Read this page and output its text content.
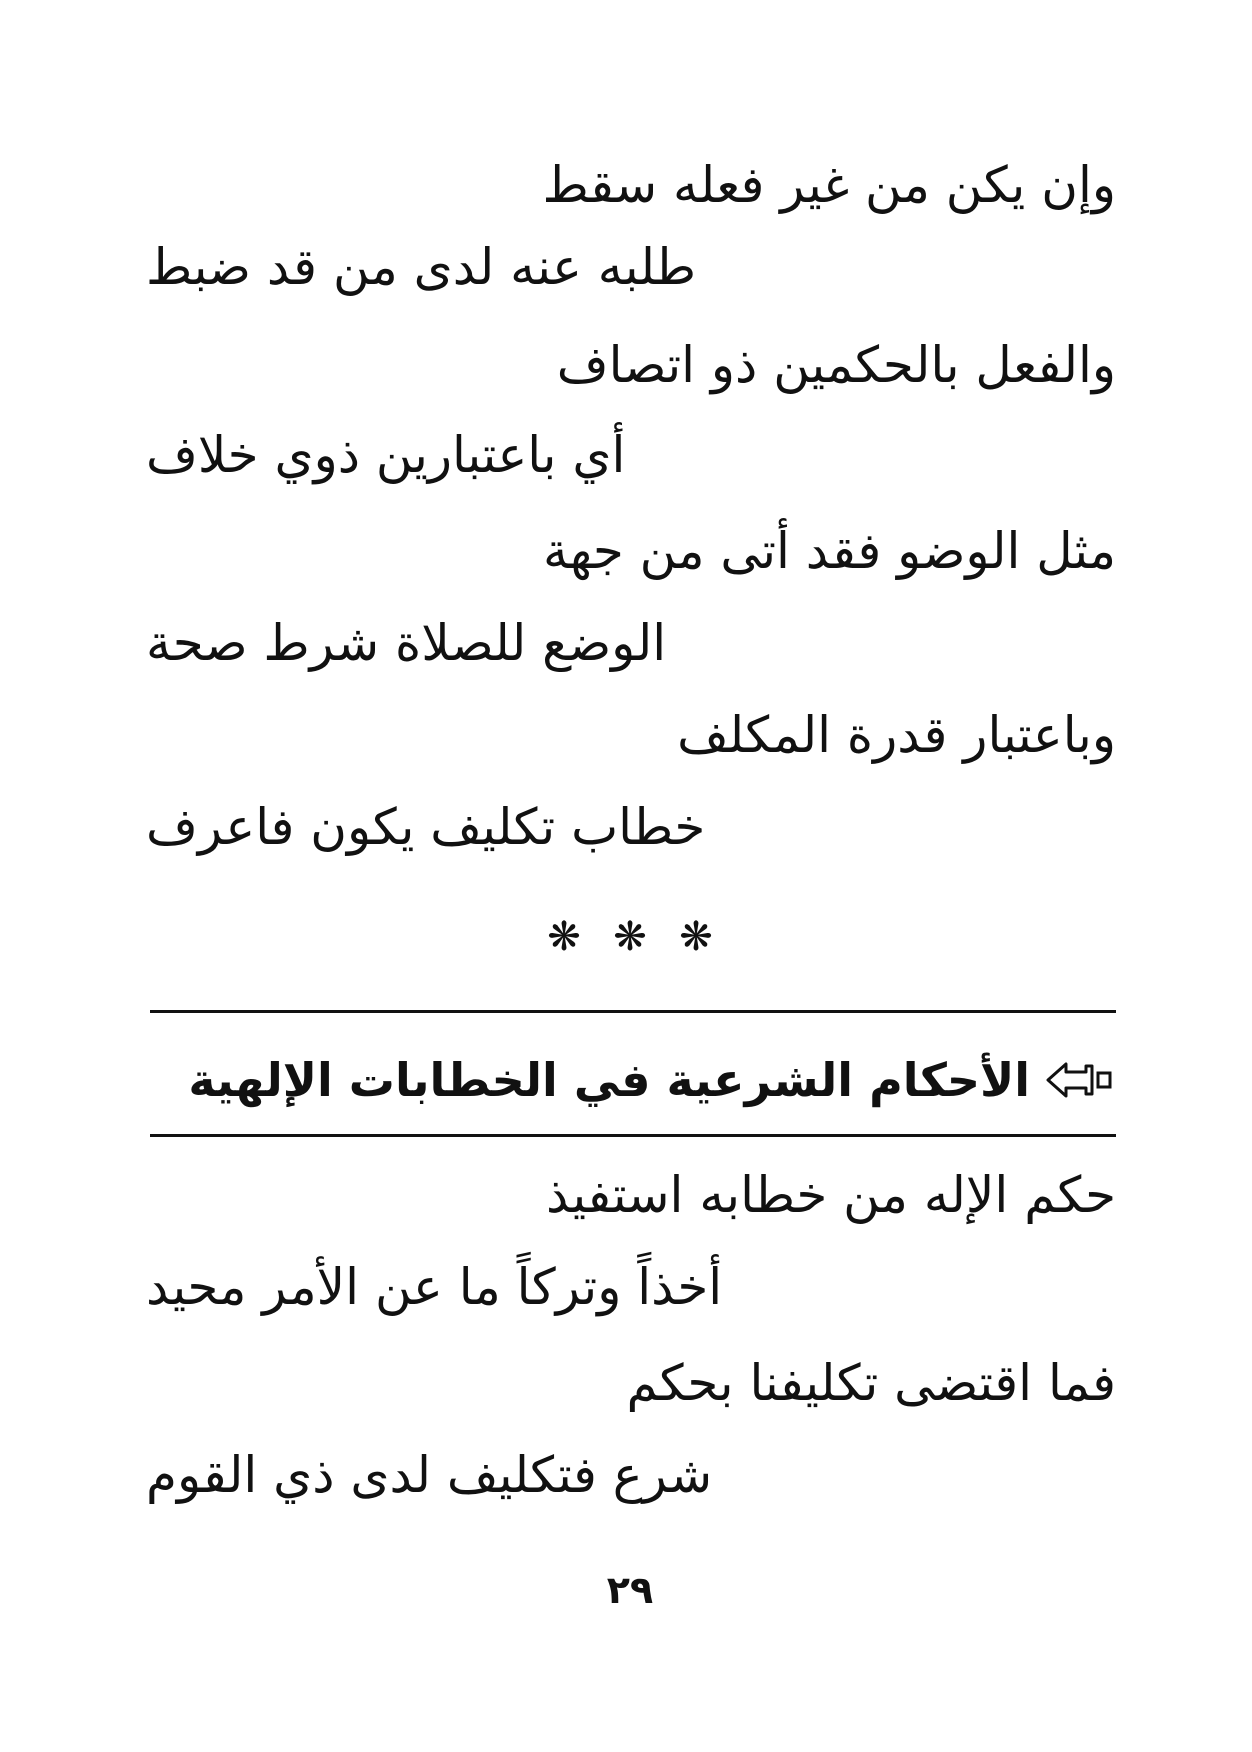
وإن يكن من غير فعله سقط
طلبه عنه لدى من قد ضبط
والفعل بالحكمين ذو اتصاف
أي باعتبارين ذوي خلاف
مثل الوضو فقد أتى من جهة
الوضع للصلاة شرط صحة
وباعتبار قدرة المكلف
خطاب تكليف يكون فاعرف
❋ ❋ ❋
الأحكام الشرعية في الخطابات الإلهية
حكم الإله من خطابه استفيذ
أخذاً وتركاً ما عن الأمر محيد
فما اقتضى تكليفنا بحكم
شرع فتكليف لدى ذي القوم
٢٩
